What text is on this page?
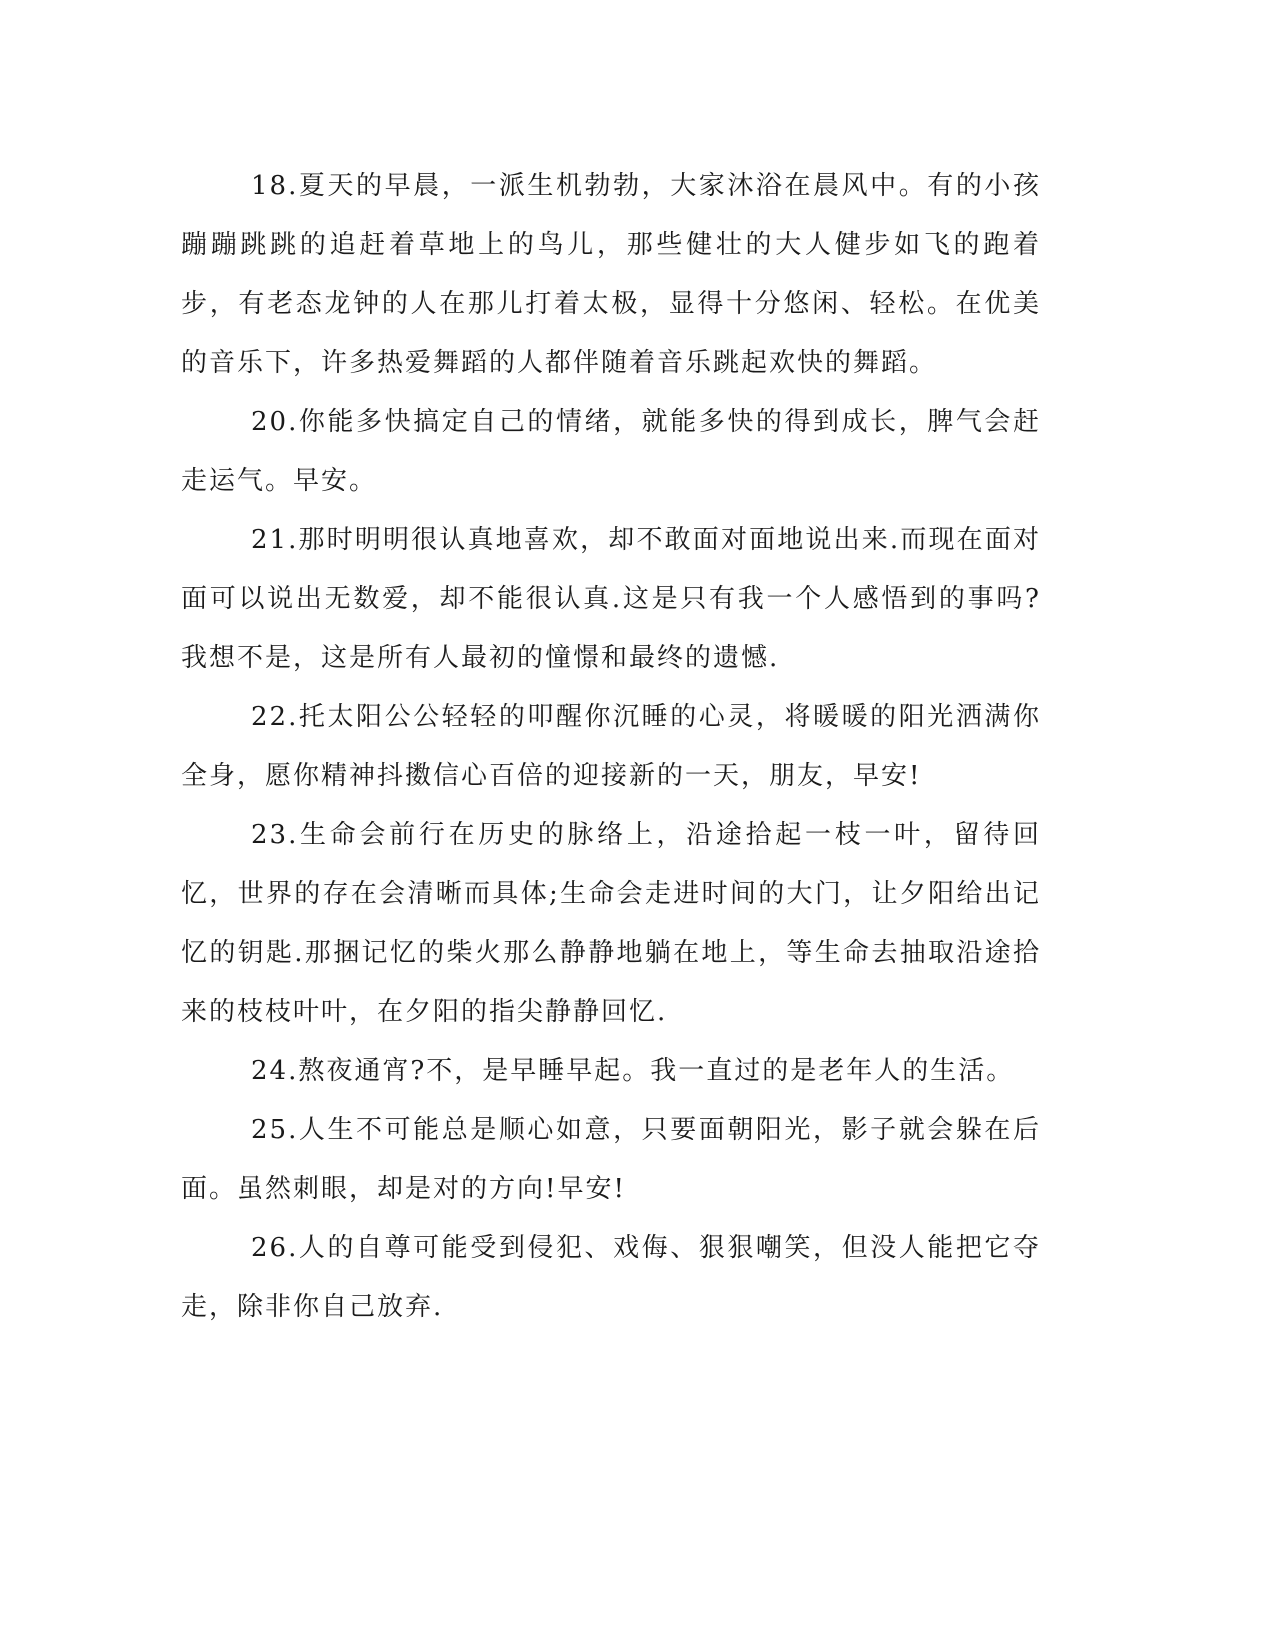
18.夏天的早晨，一派生机勃勃，大家沐浴在晨风中。有的小孩蹦蹦跳跳的追赶着草地上的鸟儿，那些健壮的大人健步如飞的跑着步，有老态龙钟的人在那儿打着太极，显得十分悠闲、轻松。在优美的音乐下，许多热爱舞蹈的人都伴随着音乐跳起欢快的舞蹈。

20.你能多快搞定自己的情绪，就能多快的得到成长，脾气会赶走运气。早安。

21.那时明明很认真地喜欢，却不敢面对面地说出来.而现在面对面可以说出无数爱，却不能很认真.这是只有我一个人感悟到的事吗?我想不是，这是所有人最初的憧憬和最终的遗憾.

22.托太阳公公轻轻的叩醒你沉睡的心灵，将暖暖的阳光洒满你全身，愿你精神抖擞信心百倍的迎接新的一天，朋友，早安!

23.生命会前行在历史的脉络上，沿途拾起一枝一叶，留待回忆，世界的存在会清晰而具体;生命会走进时间的大门，让夕阳给出记忆的钥匙.那捆记忆的柴火那么静静地躺在地上，等生命去抽取沿途拾来的枝枝叶叶，在夕阳的指尖静静回忆.

24.熬夜通宵?不，是早睡早起。我一直过的是老年人的生活。

25.人生不可能总是顺心如意，只要面朝阳光，影子就会躲在后面。虽然刺眼，却是对的方向!早安!

26.人的自尊可能受到侵犯、戏侮、狠狠嘲笑，但没人能把它夺走，除非你自己放弃.
